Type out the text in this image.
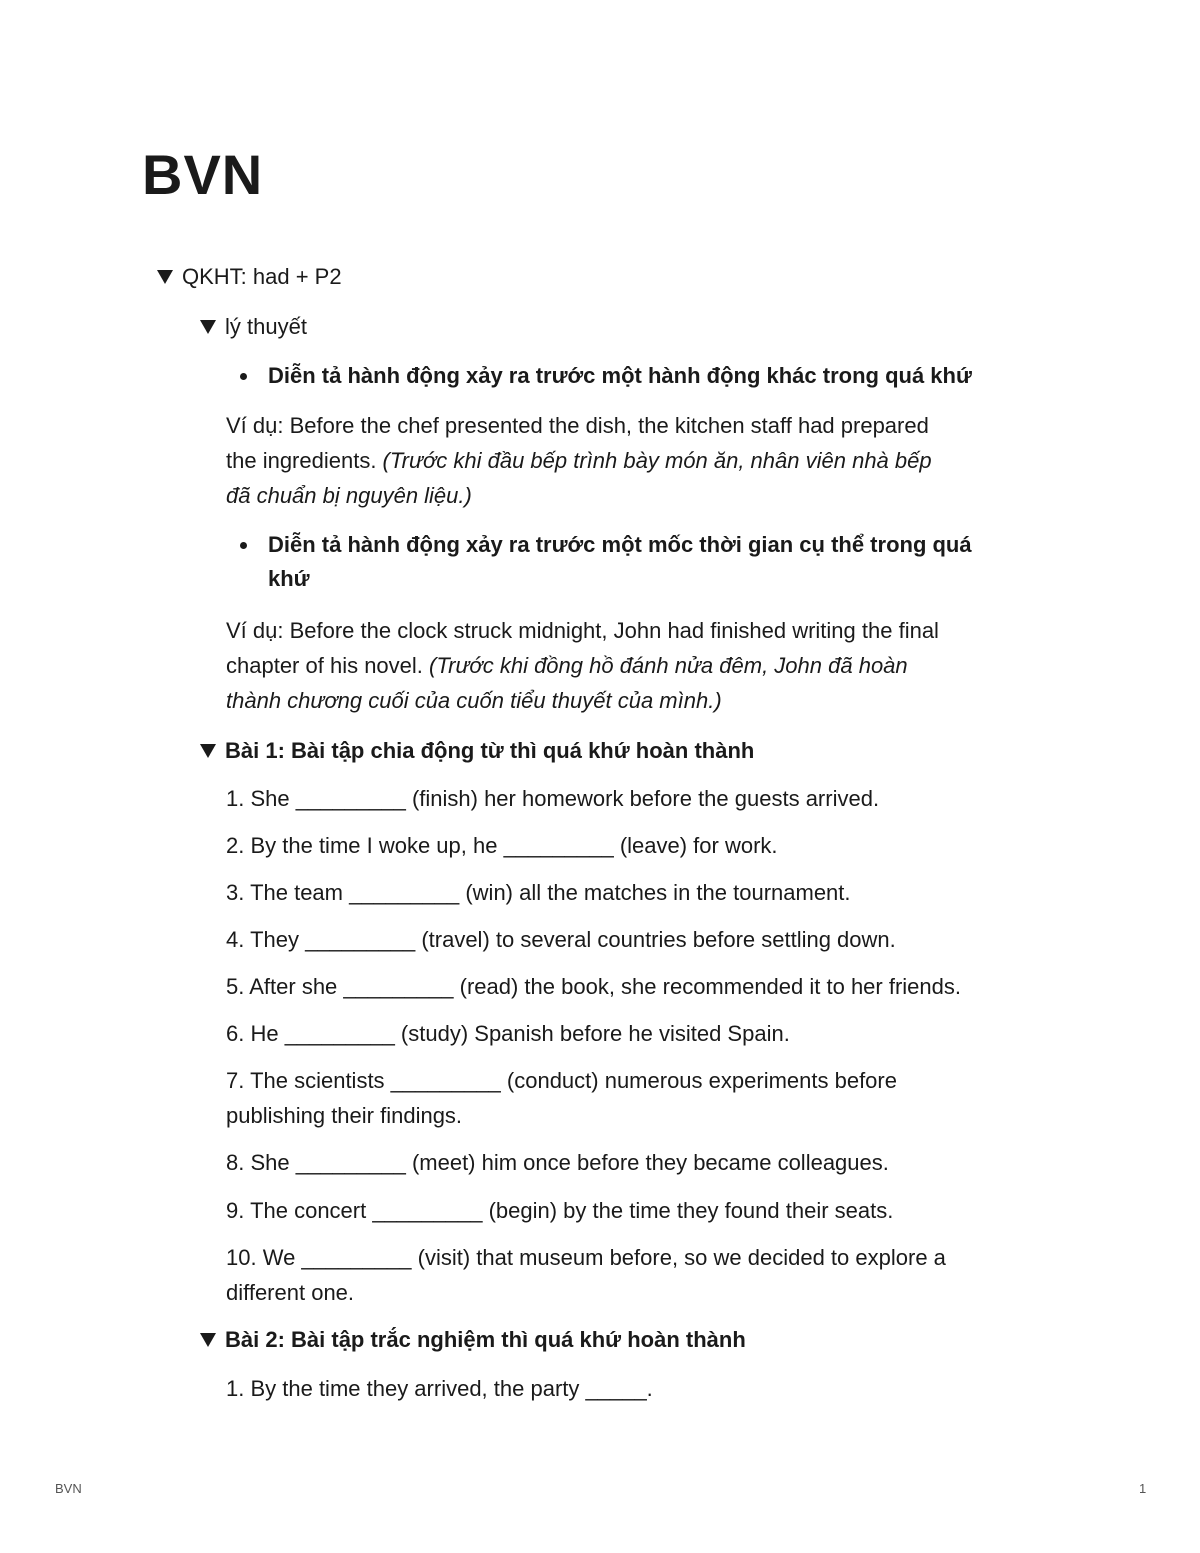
BVN
QKHT: had + P2
lý thuyết
Diễn tả hành động xảy ra trước một hành động khác trong quá khứ
Ví dụ: Before the chef presented the dish, the kitchen staff had prepared
the ingredients. (Trước khi đầu bếp trình bày món ăn, nhân viên nhà bếp
đã chuẩn bị nguyên liệu.)
Diễn tả hành động xảy ra trước một mốc thời gian cụ thể trong quá
khứ
Ví dụ: Before the clock struck midnight, John had finished writing the final
chapter of his novel. (Trước khi đồng hồ đánh nửa đêm, John đã hoàn
thành chương cuối của cuốn tiểu thuyết của mình.)
Bài 1: Bài tập chia động từ thì quá khứ hoàn thành
1. She _________ (finish) her homework before the guests arrived.
2. By the time I woke up, he _________ (leave) for work.
3. The team _________ (win) all the matches in the tournament.
4. They _________ (travel) to several countries before settling down.
5. After she _________ (read) the book, she recommended it to her friends.
6. He _________ (study) Spanish before he visited Spain.
7. The scientists _________ (conduct) numerous experiments before
publishing their findings.
8. She _________ (meet) him once before they became colleagues.
9. The concert _________ (begin) by the time they found their seats.
10. We _________ (visit) that museum before, so we decided to explore a
different one.
Bài 2: Bài tập trắc nghiệm thì quá khứ hoàn thành
1. By the time they arrived, the party _____.
BVN	1
